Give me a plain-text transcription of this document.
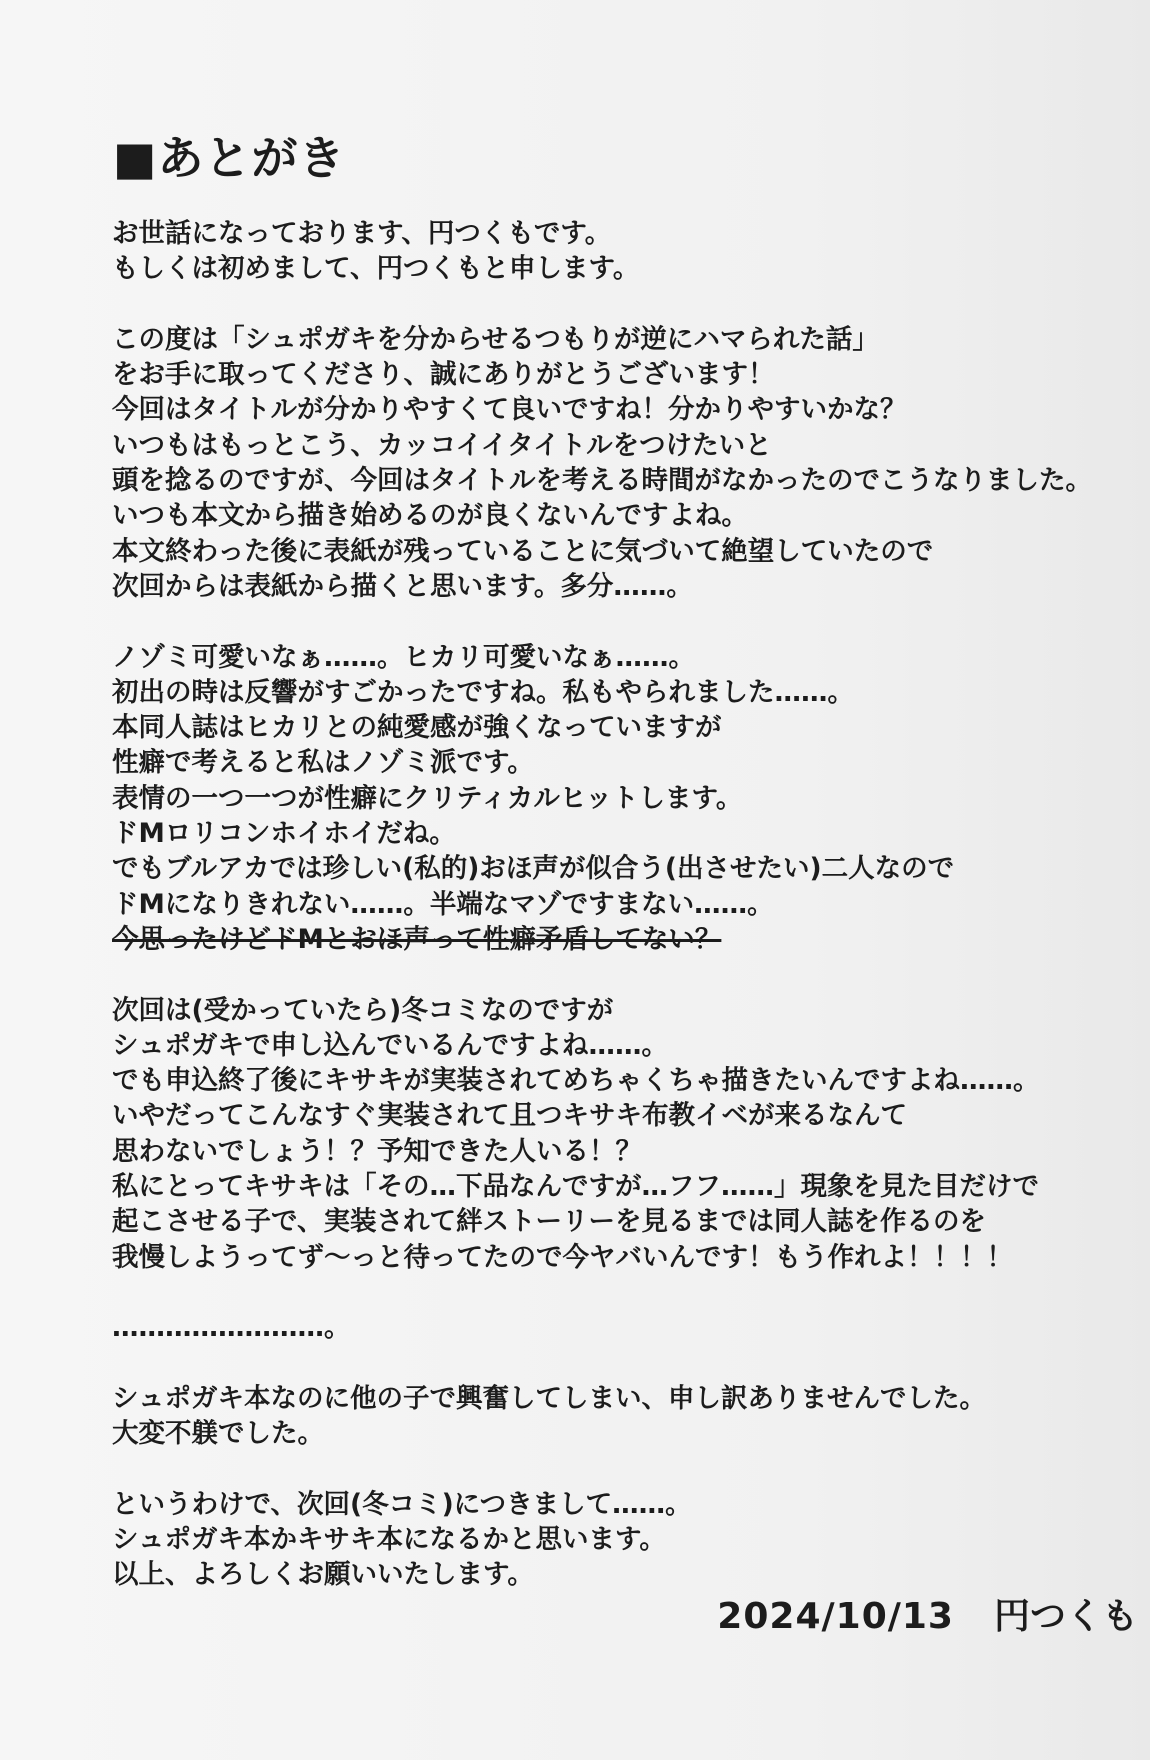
■あとがき
お世話になっております、円つくもです。
もしくは初めまして、円つくもと申します。
この度は「シュポガキを分からせるつもりが逆にハマられた話」
をお手に取ってくださり、誠にありがとうございます！
今回はタイトルが分かりやすくて良いですね！分かりやすいかな？
いつもはもっとこう、カッコイイタイトルをつけたいと
頭を捻るのですが、今回はタイトルを考える時間がなかったのでこうなりました。
いつも本文から描き始めるのが良くないんですよね。
本文終わった後に表紙が残っていることに気づいて絶望していたので
次回からは表紙から描くと思います。多分……。
ノゾミ可愛いなぁ……。ヒカリ可愛いなぁ……。
初出の時は反響がすごかったですね。私もやられました……。
本同人誌はヒカリとの純愛感が強くなっていますが
性癖で考えると私はノゾミ派です。
表情の一つ一つが性癖にクリティカルヒットします。
ドMロリコンホイホイだね。
でもブルアカでは珍しい(私的)おほ声が似合う(出させたい)二人なので
ドMになりきれない……。半端なマゾですまない……。
今思ったけどドMとおほ声って性癖矛盾してない？
次回は(受かっていたら)冬コミなのですが
シュポガキで申し込んでいるんですよね……。
でも申込終了後にキサキが実装されてめちゃくちゃ描きたいんですよね……。
いやだってこんなすぐ実装されて且つキサキ布教イベが来るなんて
思わないでしょう！？予知できた人いる！？
私にとってキサキは「その…下品なんですが…フフ……」現象を見た目だけで
起こさせる子で、実装されて絆ストーリーを見るまでは同人誌を作るのを
我慢しようってず～っと待ってたので今ヤバいんです！もう作れよ！！！！
……………………。
シュポガキ本なのに他の子で興奮してしまい、申し訳ありませんでした。
大変不躾でした。
というわけで、次回(冬コミ)につきまして……。
シュポガキ本かキサキ本になるかと思います。
以上、よろしくお願いいたします。
2024/10/13 円つくも
